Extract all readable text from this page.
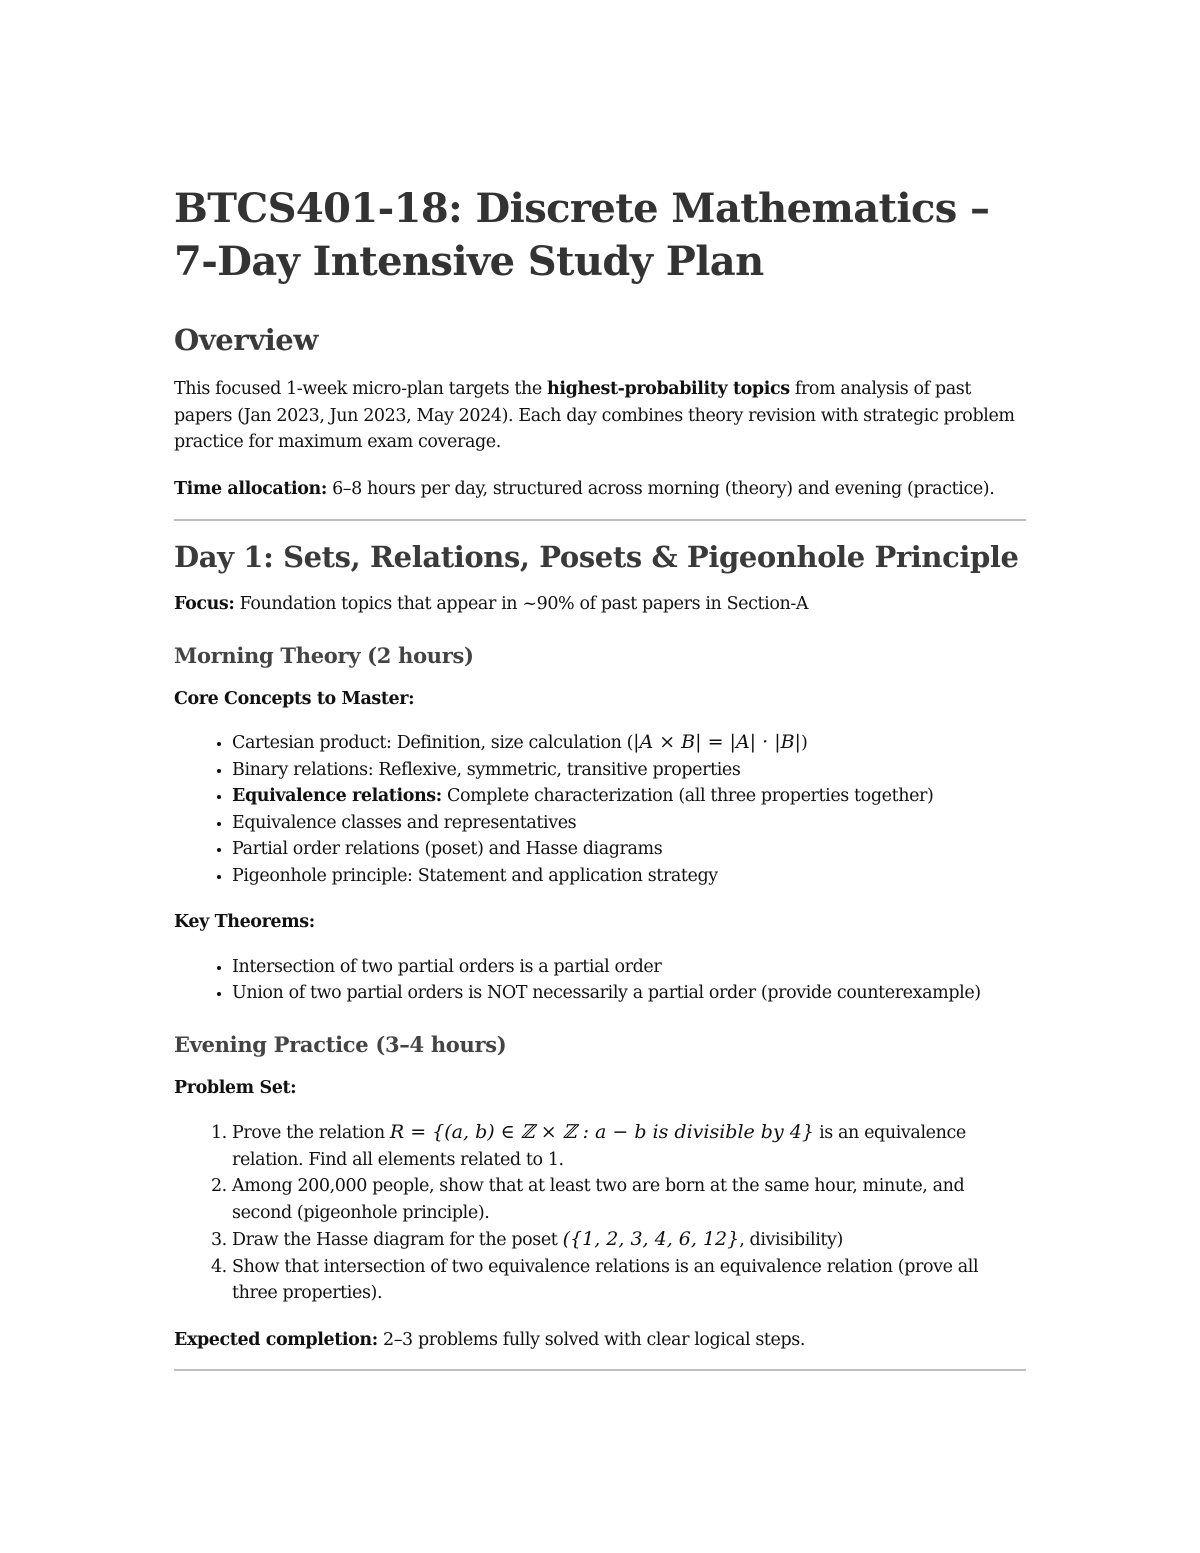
BTCS401-18: Discrete Mathematics – 7-Day Intensive Study Plan
Overview

This focused 1-week micro-plan targets the highest-probability topics from analysis of past papers (Jan 2023, Jun 2023, May 2024). Each day combines theory revision with strategic problem practice for maximum exam coverage.

Time allocation: 6–8 hours per day, structured across morning (theory) and evening (practice).

Day 1: Sets, Relations, Posets & Pigeonhole Principle

Focus: Foundation topics that appear in ~90% of past papers in Section-A

Morning Theory (2 hours)

Core Concepts to Master:

• Cartesian product: Definition, size calculation (|A × B| = |A| · |B|)
• Binary relations: Reflexive, symmetric, transitive properties
• Equivalence relations: Complete characterization (all three properties together)
• Equivalence classes and representatives
• Partial order relations (poset) and Hasse diagrams
• Pigeonhole principle: Statement and application strategy

Key Theorems:

• Intersection of two partial orders is a partial order
• Union of two partial orders is NOT necessarily a partial order (provide counterexample)
Evening Practice (3–4 hours)

Problem Set:

1. Prove the relation R = {(a, b) ∈ ℤ × ℤ : a − b is divisible by 4} is an equivalence relation. Find all elements related to 1.
2. Among 200,000 people, show that at least two are born at the same hour, minute, and second (pigeonhole principle).
3. Draw the Hasse diagram for the poset ({1, 2, 3, 4, 6, 12}, divisibility)
4. Show that intersection of two equivalence relations is an equivalence relation (prove all three properties).

Expected completion: 2–3 problems fully solved with clear logical steps.
